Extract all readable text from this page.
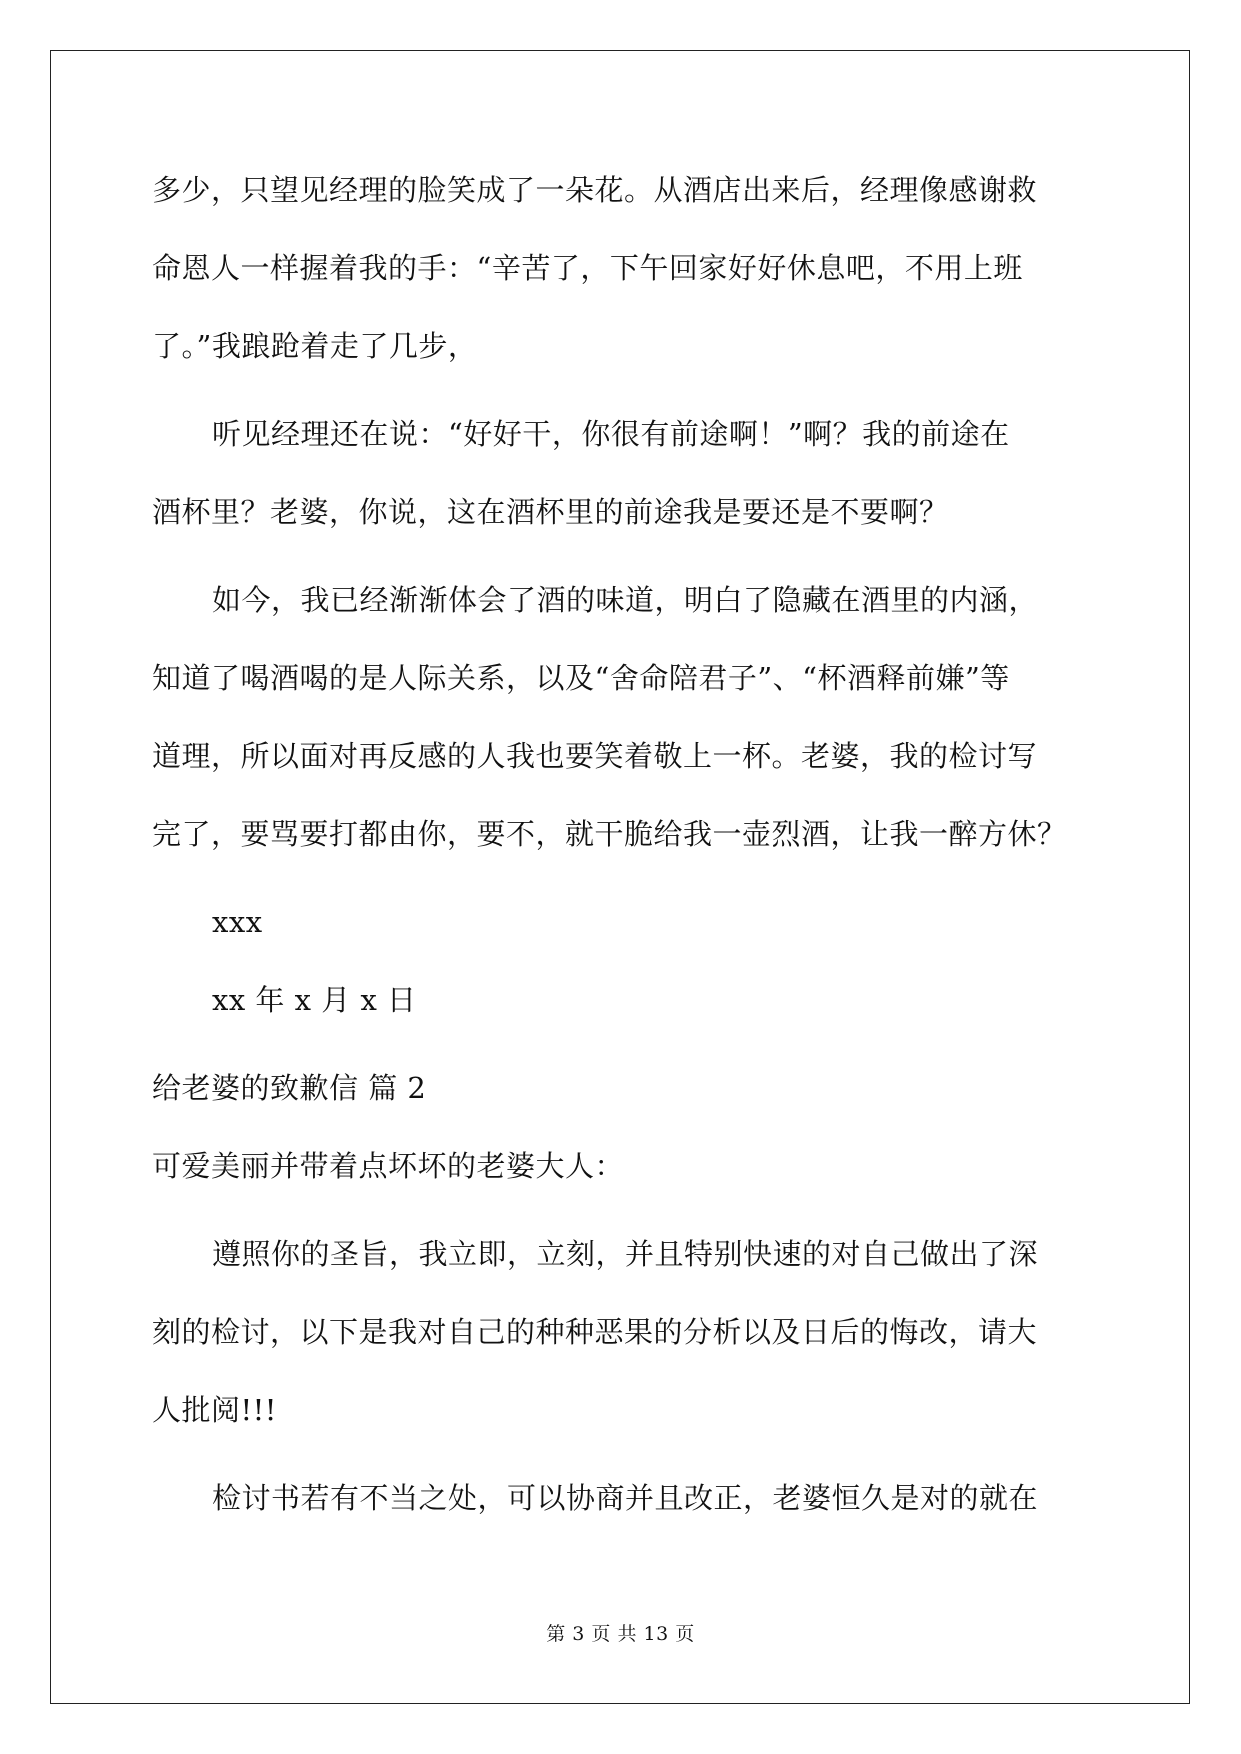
多少，只望见经理的脸笑成了一朵花。从酒店出来后，经理像感谢救
命恩人一样握着我的手：“辛苦了，下午回家好好休息吧，不用上班
了。”我踉跄着走了几步，
听见经理还在说：“好好干，你很有前途啊！”啊？我的前途在
酒杯里？老婆，你说，这在酒杯里的前途我是要还是不要啊？
如今，我已经渐渐体会了酒的味道，明白了隐藏在酒里的内涵，
知道了喝酒喝的是人际关系，以及“舍命陪君子”、“杯酒释前嫌”等
道理，所以面对再反感的人我也要笑着敬上一杯。老婆，我的检讨写
完了，要骂要打都由你，要不，就干脆给我一壶烈酒，让我一醉方休？
xxx
xx 年 x 月 x 日
给老婆的致歉信 篇 2
可爱美丽并带着点坏坏的老婆大人：
遵照你的圣旨，我立即，立刻，并且特别快速的对自己做出了深
刻的检讨，以下是我对自己的种种恶果的分析以及日后的悔改，请大
人批阅!!!
检讨书若有不当之处，可以协商并且改正，老婆恒久是对的就在
第 3 页 共 13 页
